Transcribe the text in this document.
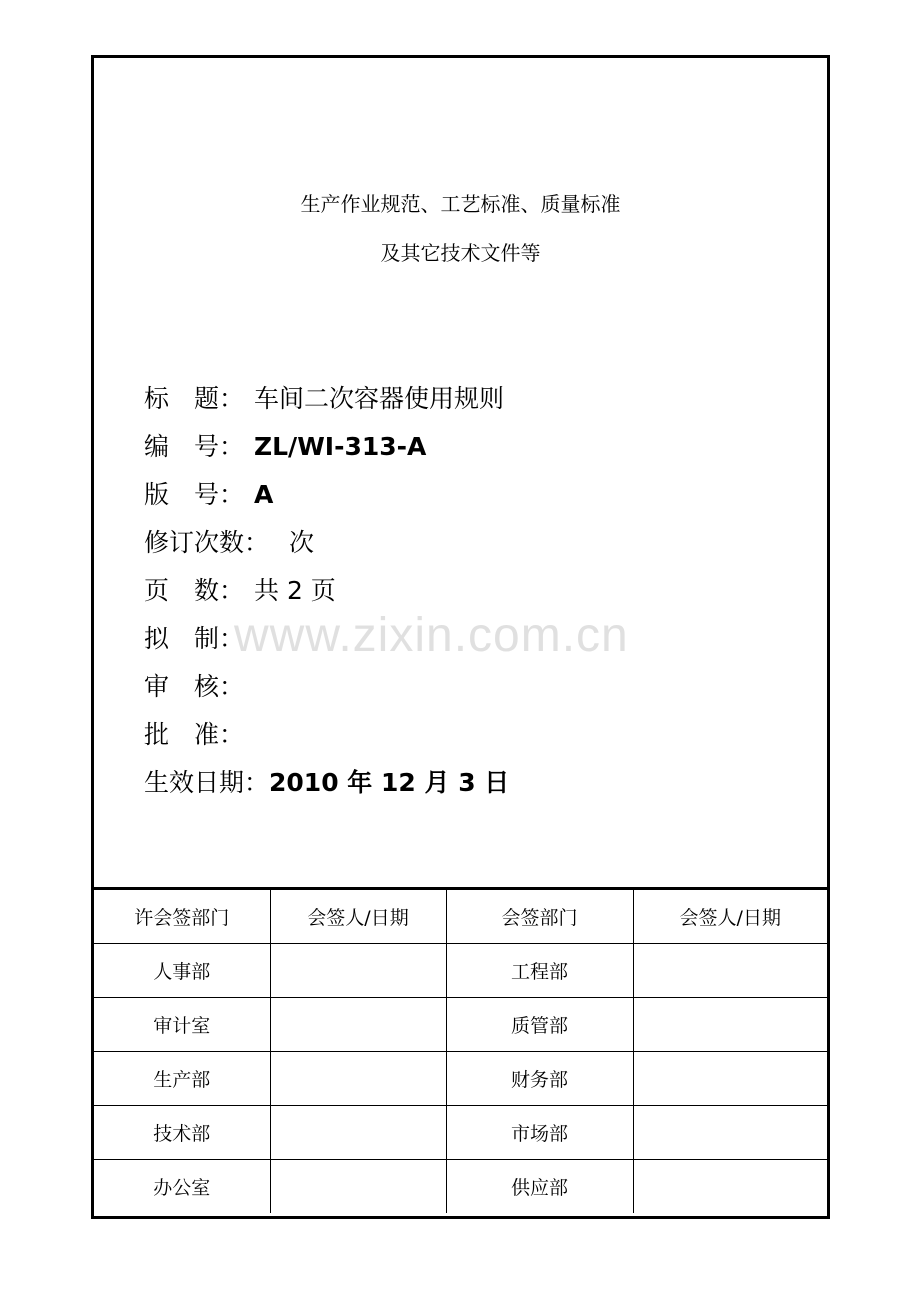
生产作业规范、工艺标准、质量标准
及其它技术文件等
标　题： 车间二次容器使用规则
编　号： ZL/WI-313-A
版　号： A
修订次数： 次
页　数： 共 2 页
拟　制：
审　核：
批　准：
生效日期：2010 年 12 月 3 日
www.zixin.com.cn
许会签部门	会签人/日期	会签部门	会签人/日期
人事部		工程部	
审计室		质管部	
生产部		财务部	
技术部		市场部	
办公室		供应部	
